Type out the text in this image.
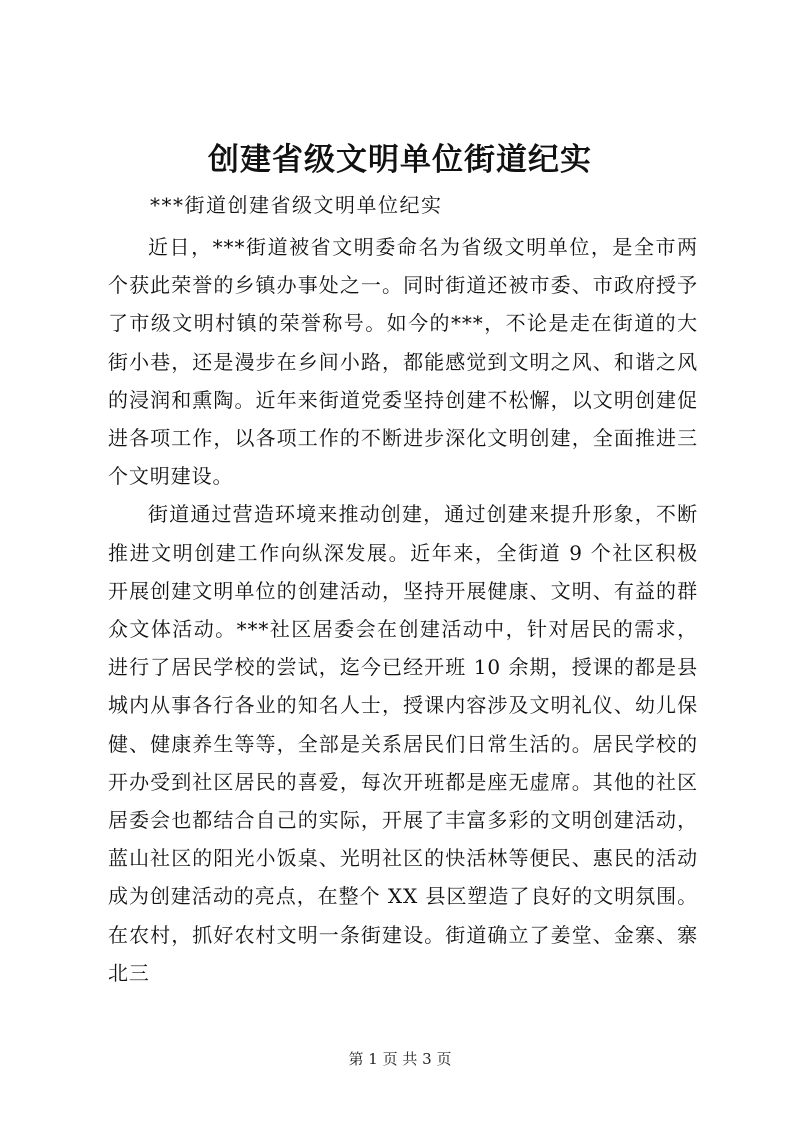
创建省级文明单位街道纪实
***街道创建省级文明单位纪实

近日，***街道被省文明委命名为省级文明单位，是全市两个获此荣誉的乡镇办事处之一。同时街道还被市委、市政府授予了市级文明村镇的荣誉称号。如今的***，不论是走在街道的大街小巷，还是漫步在乡间小路，都能感觉到文明之风、和谐之风的浸润和熏陶。近年来街道党委坚持创建不松懈，以文明创建促进各项工作，以各项工作的不断进步深化文明创建，全面推进三个文明建设。

街道通过营造环境来推动创建，通过创建来提升形象，不断推进文明创建工作向纵深发展。近年来，全街道 9 个社区积极开展创建文明单位的创建活动，坚持开展健康、文明、有益的群众文体活动。***社区居委会在创建活动中，针对居民的需求，进行了居民学校的尝试，迄今已经开班 10 余期，授课的都是县城内从事各行各业的知名人士，授课内容涉及文明礼仪、幼儿保健、健康养生等等，全部是关系居民们日常生活的。居民学校的开办受到社区居民的喜爱，每次开班都是座无虚席。其他的社区居委会也都结合自己的实际，开展了丰富多彩的文明创建活动，蓝山社区的阳光小饭桌、光明社区的快活林等便民、惠民的活动成为创建活动的亮点，在整个 XX 县区塑造了良好的文明氛围。在农村，抓好农村文明一条街建设。街道确立了姜堂、金寨、寨北三

第 1 页 共 3 页
